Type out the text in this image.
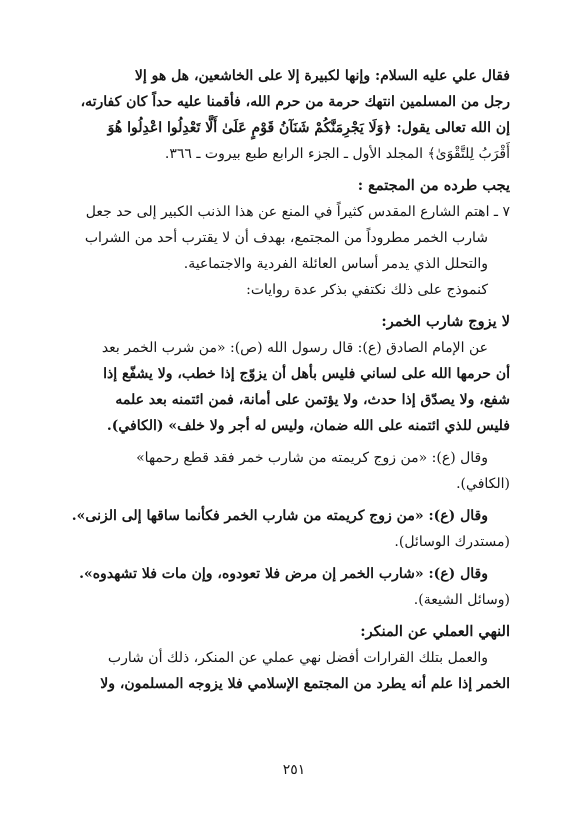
فقال علي عليه السلام: وإنها لكبيرة إلا على الخاشعين، هل هو إلا
رجل من المسلمين انتهك حرمة من حرم الله، فأقمنا عليه حداً كان كفارته،
إن الله تعالى يقول: ﴿وَلَا يَجْرِمَنَّكُمْ شَنَآنُ قَوْمٍ عَلَىٰ أَلَّا تَعْدِلُوا اعْدِلُوا هُوَ
أَقْرَبُ لِلتَّقْوَىٰ﴾ المجلد الأول ـ الجزء الرابع طبع بيروت ـ ٣٦٦.
يجب طرده من المجتمع :
٧ ـ اهتم الشارع المقدس كثيراً في المنع عن هذا الذنب الكبير إلى حد جعل
شارب الخمر مطروداً من المجتمع، بهدف أن لا يقترب أحد من الشراب
والتحلل الذي يدمر أساس العائلة الفردية والاجتماعية.
كنموذج على ذلك نكتفي بذكر عدة روايات:
لا يزوج شارب الخمر:
عن الإمام الصادق (ع): قال رسول الله (ص): «من شرب الخمر بعد
أن حرمها الله على لساني فليس بأهل أن يزوّج إذا خطب، ولا يشفّع إذا
شفع، ولا يصدّق إذا حدث، ولا يؤتمن على أمانة، فمن ائتمنه بعد علمه
فليس للذي ائتمنه على الله ضمان، وليس له أجر ولا خلف» (الكافي).
وقال (ع): «من زوج كريمته من شارب خمر فقد قطع رحمها»
(الكافي).
وقال (ع): «من زوج كريمته من شارب الخمر فكأنما ساقها إلى الزنى».
(مستدرك الوسائل).
وقال (ع): «شارب الخمر إن مرض فلا تعودوه، وإن مات فلا تشهدوه».
(وسائل الشيعة).
النهي العملي عن المنكر:
والعمل بتلك القرارات أفضل نهي عملي عن المنكر، ذلك أن شارب
الخمر إذا علم أنه يطرد من المجتمع الإسلامي فلا يزوجه المسلمون، ولا
٢٥١
